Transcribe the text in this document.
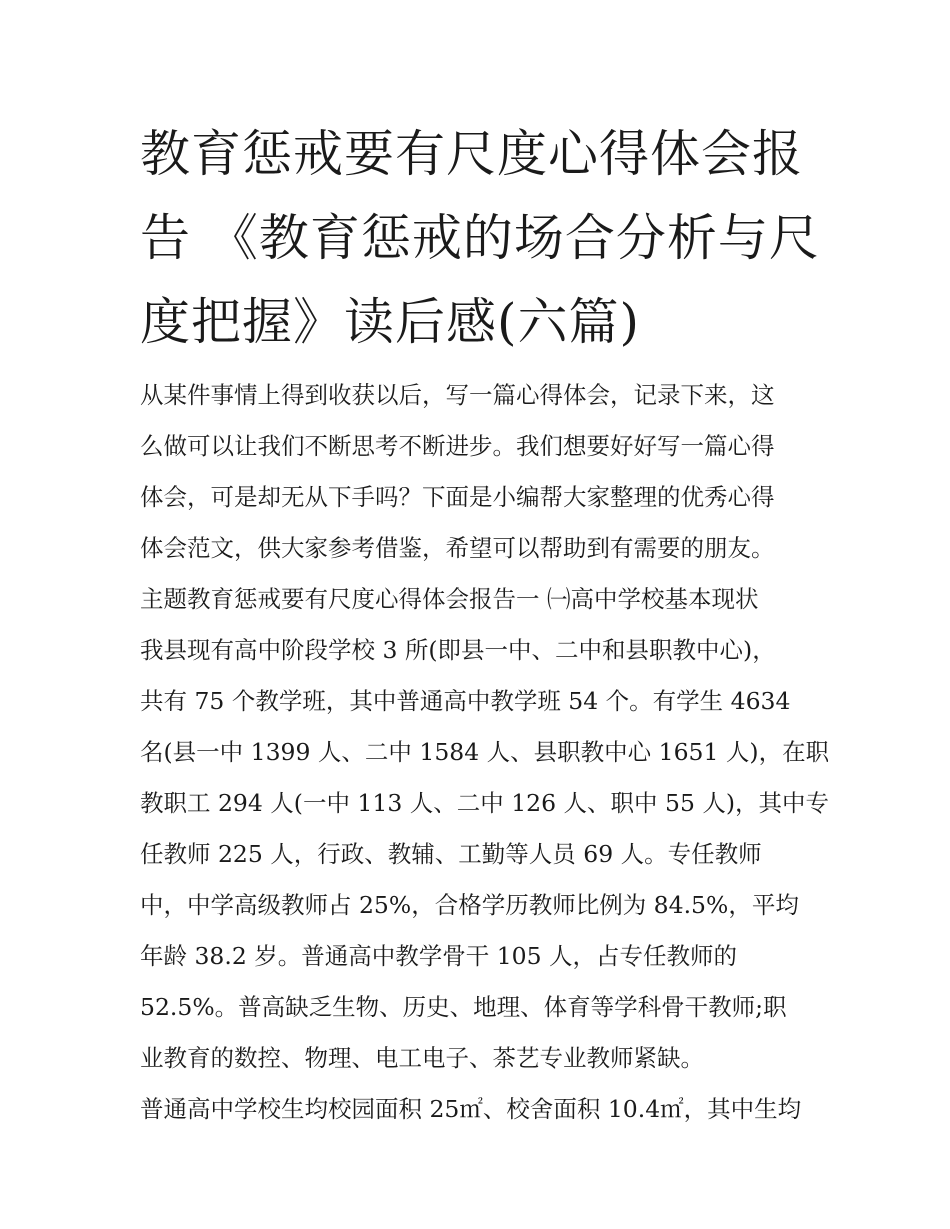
教育惩戒要有尺度心得体会报
告 《教育惩戒的场合分析与尺
度把握》读后感(六篇)
从某件事情上得到收获以后，写一篇心得体会，记录下来，这
么做可以让我们不断思考不断进步。我们想要好好写一篇心得
体会，可是却无从下手吗？下面是小编帮大家整理的优秀心得
体会范文，供大家参考借鉴，希望可以帮助到有需要的朋友。
主题教育惩戒要有尺度心得体会报告一 ㈠高中学校基本现状
我县现有高中阶段学校 3 所(即县一中、二中和县职教中心)，
共有 75 个教学班，其中普通高中教学班 54 个。有学生 4634
名(县一中 1399 人、二中 1584 人、县职教中心 1651 人)，在职
教职工 294 人(一中 113 人、二中 126 人、职中 55 人)，其中专
任教师 225 人，行政、教辅、工勤等人员 69 人。专任教师
中，中学高级教师占 25%，合格学历教师比例为 84.5%，平均
年龄 38.2 岁。普通高中教学骨干 105 人，占专任教师的
52.5%。普高缺乏生物、历史、地理、体育等学科骨干教师;职
业教育的数控、物理、电工电子、茶艺专业教师紧缺。
普通高中学校生均校园面积 25㎡、校舍面积 10.4㎡，其中生均
